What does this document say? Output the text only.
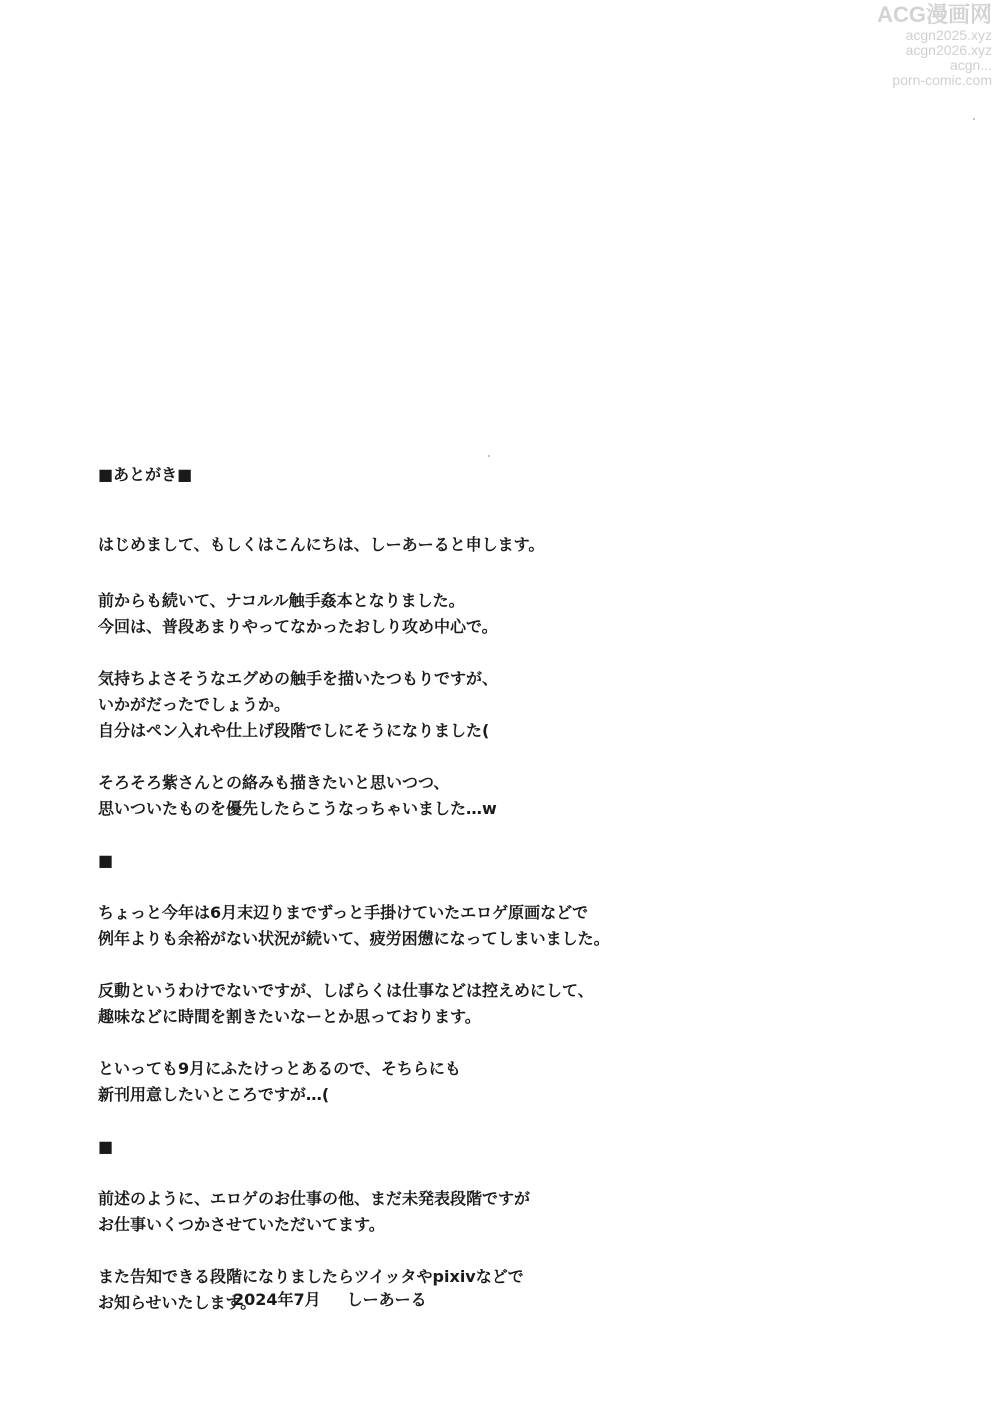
ACG漫画网
acgn2025.xyz
acgn2026.xyz
acgn...
porn-comic.com
■あとがき■
はじめまして、もしくはこんにちは、しーあーると申します。
前からも続いて、ナコルル触手姦本となりました。
今回は、普段あまりやってなかったおしり攻め中心で。
気持ちよさそうなエグめの触手を描いたつもりですが、
いかがだったでしょうか。
自分はペン入れや仕上げ段階でしにそうになりました(
そろそろ紫さんとの絡みも描きたいと思いつつ、
思いついたものを優先したらこうなっちゃいました…w
■
ちょっと今年は6月末辺りまでずっと手掛けていたエロゲ原画などで
例年よりも余裕がない状況が続いて、疲労困憊になってしまいました。
反動というわけでないですが、しばらくは仕事などは控えめにして、
趣味などに時間を割きたいなーとか思っております。
といっても9月にふたけっとあるので、そちらにも
新刊用意したいところですが…(
■
前述のように、エロゲのお仕事の他、まだ未発表段階ですが
お仕事いくつかさせていただいてます。
また告知できる段階になりましたらツイッタやpixivなどで
お知らせいたします。
2024年7月 しーあーる
